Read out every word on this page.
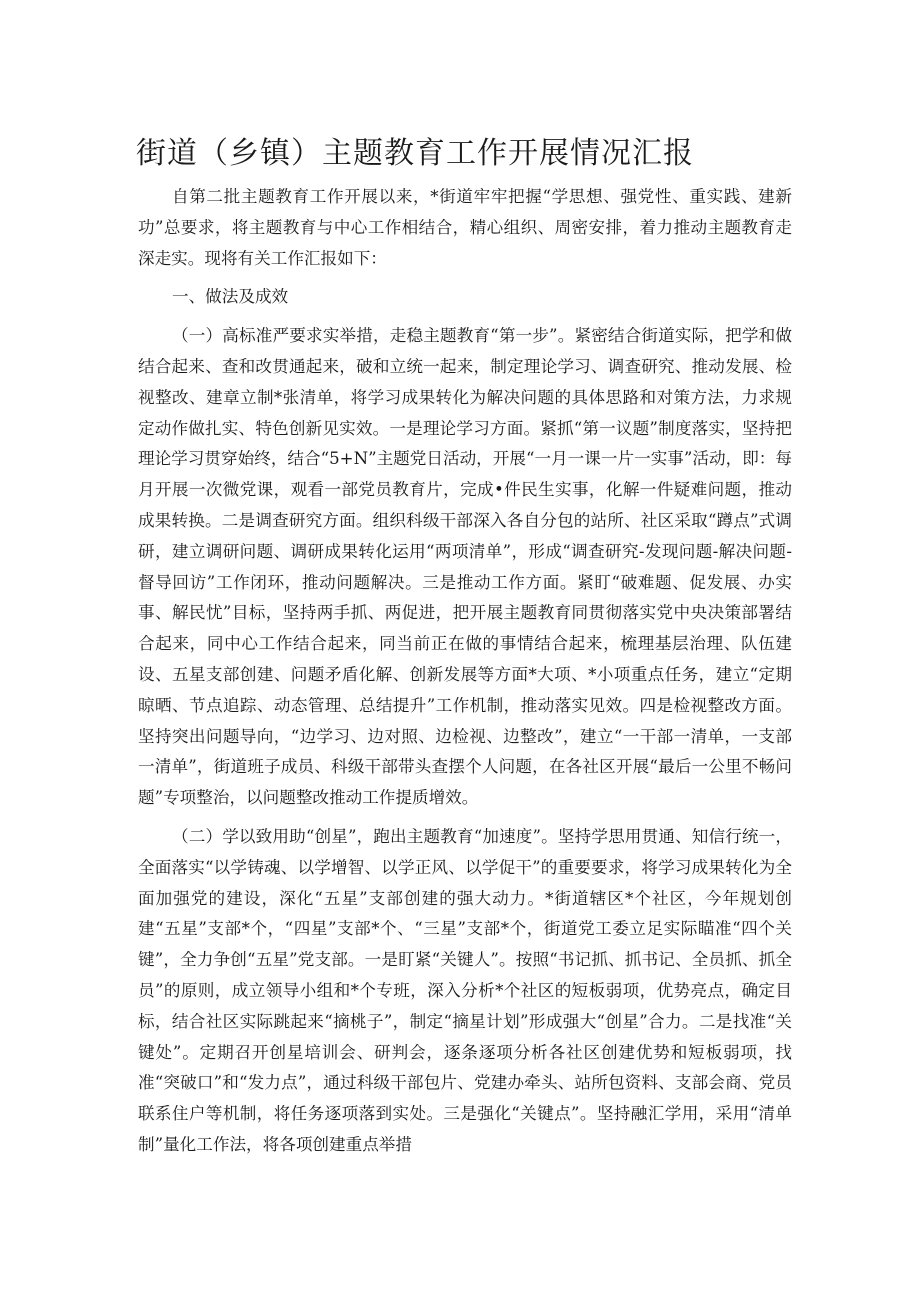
街道（乡镇）主题教育工作开展情况汇报

自第二批主题教育工作开展以来，*街道牢牢把握“学思想、强党性、重实践、建新功”总要求，将主题教育与中心工作相结合，精心组织、周密安排，着力推动主题教育走深走实。现将有关工作汇报如下：

一、做法及成效

（一）高标准严要求实举措，走稳主题教育“第一步”。紧密结合街道实际，把学和做结合起来、查和改贯通起来，破和立统一起来，制定理论学习、调查研究、推动发展、检视整改、建章立制*张清单，将学习成果转化为解决问题的具体思路和对策方法，力求规定动作做扎实、特色创新见实效。一是理论学习方面。紧抓“第一议题”制度落实，坚持把理论学习贯穿始终，结合“5+N”主题党日活动，开展“一月一课一片一实事”活动，即：每月开展一次微党课，观看一部党员教育片，完成•件民生实事，化解一件疑难问题，推动成果转换。二是调查研究方面。组织科级干部深入各自分包的站所、社区采取“蹲点”式调研，建立调研问题、调研成果转化运用“两项清单”，形成“调查研究-发现问题-解决问题-督导回访”工作闭环，推动问题解决。三是推动工作方面。紧盯“破难题、促发展、办实事、解民忧”目标，坚持两手抓、两促进，把开展主题教育同贯彻落实党中央决策部署结合起来，同中心工作结合起来，同当前正在做的事情结合起来，梳理基层治理、队伍建设、五星支部创建、问题矛盾化解、创新发展等方面*大项、*小项重点任务，建立“定期晾晒、节点追踪、动态管理、总结提升”工作机制，推动落实见效。四是检视整改方面。坚持突出问题导向，“边学习、边对照、边检视、边整改”，建立“一干部一清单，一支部一清单”，街道班子成员、科级干部带头查摆个人问题，在各社区开展“最后一公里不畅问题”专项整治，以问题整改推动工作提质增效。

（二）学以致用助“创星”，跑出主题教育“加速度”。坚持学思用贯通、知信行统一，全面落实“以学铸魂、以学增智、以学正风、以学促干”的重要要求，将学习成果转化为全面加强党的建设，深化“五星”支部创建的强大动力。*街道辖区*个社区，今年规划创建“五星”支部*个，“四星”支部*个、“三星”支部*个，街道党工委立足实际瞄准“四个关键”，全力争创“五星”党支部。一是盯紧“关键人”。按照“书记抓、抓书记、全员抓、抓全员”的原则，成立领导小组和*个专班，深入分析*个社区的短板弱项，优势亮点，确定目标，结合社区实际跳起来“摘桃子”，制定“摘星计划”形成强大“创星”合力。二是找准“关键处”。定期召开创星培训会、研判会，逐条逐项分析各社区创建优势和短板弱项，找准“突破口”和“发力点”，通过科级干部包片、党建办牵头、站所包资料、支部会商、党员联系住户等机制，将任务逐项落到实处。三是强化“关键点”。坚持融汇学用，采用“清单制”量化工作法，将各项创建重点举措
